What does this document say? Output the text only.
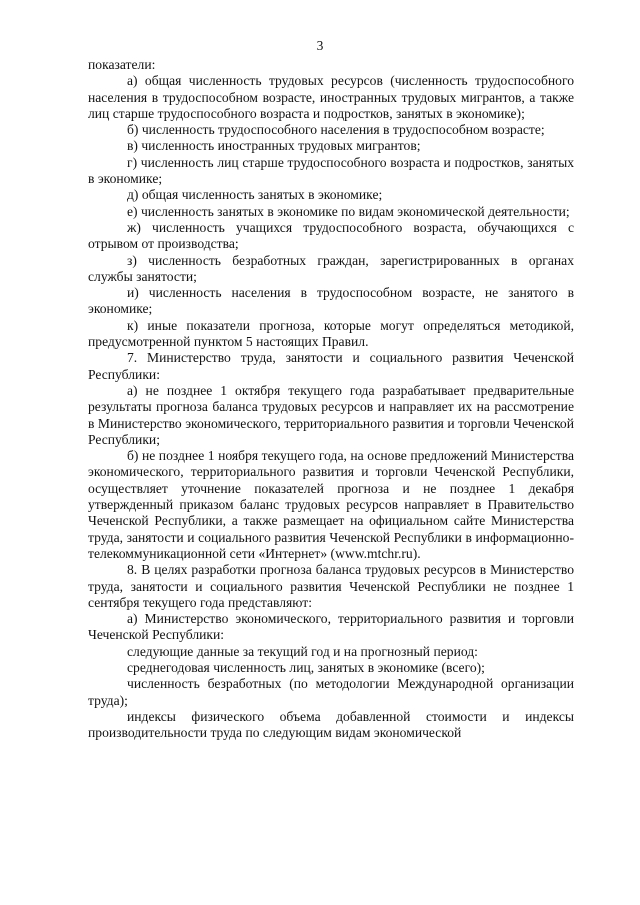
3

показатели:

а) общая численность трудовых ресурсов (численность трудоспособного населения в трудоспособном возрасте, иностранных трудовых мигрантов, а также лиц старше трудоспособного возраста и подростков, занятых в экономике);

б) численность трудоспособного населения в трудоспособном возрасте;

в) численность иностранных трудовых мигрантов;

г) численность лиц старше трудоспособного возраста и подростков, занятых в экономике;

д) общая численность занятых в экономике;

е) численность занятых в экономике по видам экономической деятельности;

ж) численность учащихся трудоспособного возраста, обучающихся с отрывом от производства;

з) численность безработных граждан, зарегистрированных в органах службы занятости;

и) численность населения в трудоспособном возрасте, не занятого в экономике;

к) иные показатели прогноза, которые могут определяться методикой, предусмотренной пунктом 5 настоящих Правил.

7. Министерство труда, занятости и социального развития Чеченской Республики:

а) не позднее 1 октября текущего года разрабатывает предварительные результаты прогноза баланса трудовых ресурсов и направляет их на рассмотрение в Министерство экономического, территориального развития и торговли Чеченской Республики;

б) не позднее 1 ноября текущего года, на основе предложений Министерства экономического, территориального развития и торговли Чеченской Республики, осуществляет уточнение показателей прогноза и не позднее 1 декабря утвержденный приказом баланс трудовых ресурсов направляет в Правительство Чеченской Республики, а также размещает на официальном сайте Министерства труда, занятости и социального развития Чеченской Республики в информационно-телекоммуникационной сети «Интернет» (www.mtchr.ru).

8. В целях разработки прогноза баланса трудовых ресурсов в Министерство труда, занятости и социального развития Чеченской Республики не позднее 1 сентября текущего года представляют:

а) Министерство экономического, территориального развития и торговли Чеченской Республики:

следующие данные за текущий год и на прогнозный период:

среднегодовая численность лиц, занятых в экономике (всего);

численность безработных (по методологии Международной организации труда);

индексы физического объема добавленной стоимости и индексы производительности труда по следующим видам экономической
